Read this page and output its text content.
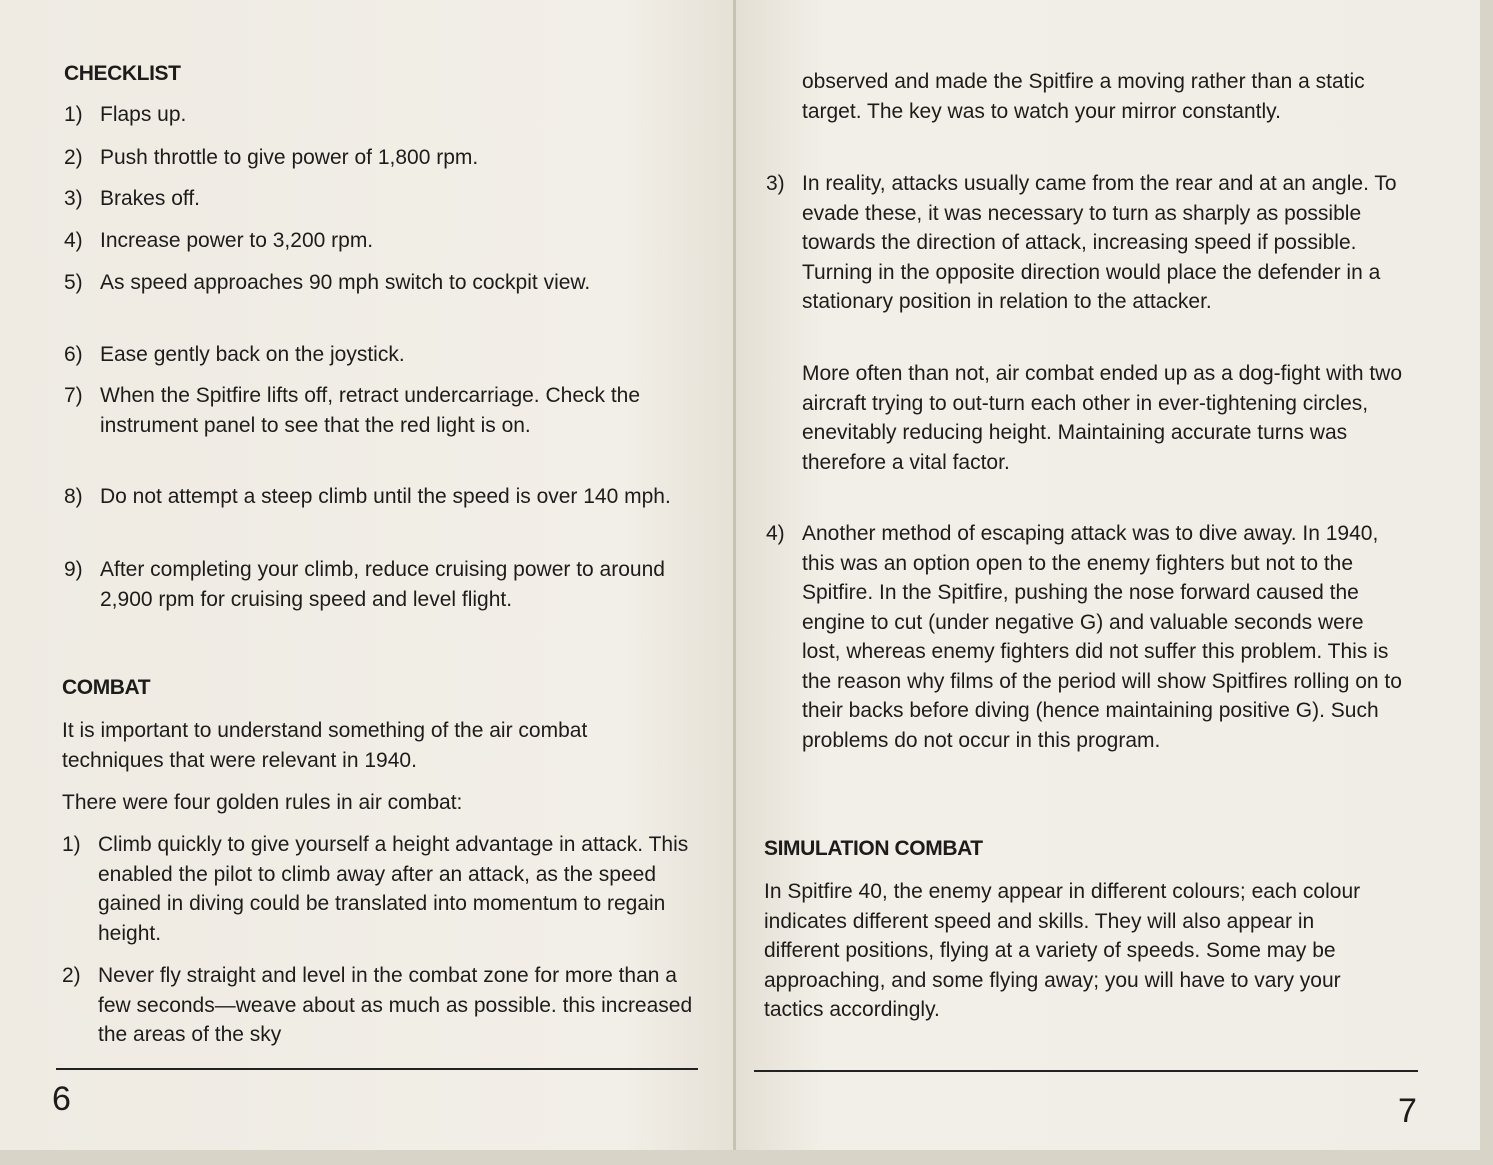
CHECKLIST
1) Flaps up.
2) Push throttle to give power of 1,800 rpm.
3) Brakes off.
4) Increase power to 3,200 rpm.
5) As speed approaches 90 mph switch to cockpit view.
6) Ease gently back on the joystick.
7) When the Spitfire lifts off, retract undercarriage. Check the instrument panel to see that the red light is on.
8) Do not attempt a steep climb until the speed is over 140 mph.
9) After completing your climb, reduce cruising power to around 2,900 rpm for cruising speed and level flight.
COMBAT

It is important to understand something of the air combat techniques that were relevant in 1940.

There were four golden rules in air combat:

1) Climb quickly to give yourself a height advantage in attack. This enabled the pilot to climb away after an attack, as the speed gained in diving could be translated into momentum to regain height.
2) Never fly straight and level in the combat zone for more than a few seconds—weave about as much as possible. this increased the areas of the sky
6

observed and made the Spitfire a moving rather than a static target. The key was to watch your mirror constantly.

3) In reality, attacks usually came from the rear and at an angle. To evade these, it was necessary to turn as sharply as possible towards the direction of attack, increasing speed if possible. Turning in the opposite direction would place the defender in a stationary position in relation to the attacker.

More often than not, air combat ended up as a dog-fight with two aircraft trying to out-turn each other in ever-tightening circles, enevitably reducing height. Maintaining accurate turns was therefore a vital factor.

4) Another method of escaping attack was to dive away. In 1940, this was an option open to the enemy fighters but not to the Spitfire. In the Spitfire, pushing the nose forward caused the engine to cut (under negative G) and valuable seconds were lost, whereas enemy fighters did not suffer this problem. This is the reason why films of the period will show Spitfires rolling on to their backs before diving (hence maintaining positive G). Such problems do not occur in this program.
SIMULATION COMBAT

In Spitfire 40, the enemy appear in different colours; each colour indicates different speed and skills. They will also appear in different positions, flying at a variety of speeds. Some may be approaching, and some flying away; you will have to vary your tactics accordingly.

7
